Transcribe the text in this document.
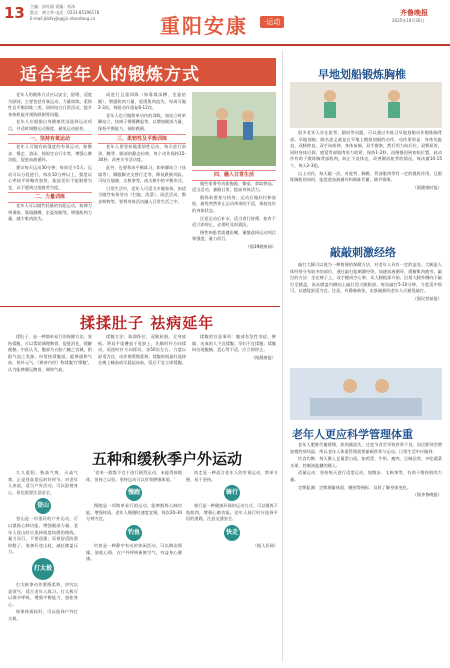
13 主编：孙红丽 责编：何冰
版式：黄主华 电话：0531-85196178
E-mail:jkbfxyjk@jjn.shandong.cn	重阳安康	·运动
齐鲁晚报
2025年10月30日
适合老年人的锻炼方式

老年人的锻炼方式应以安全、舒缓、适度为原则，主要包括有氧运动、力量训练、柔韧性及平衡训练三类。同时结合日常活动，提升身体机能并预防跌倒等问题。

老年人应根据自身健康状况选择运动项目，并适时调整运动强度，避免运动损伤。

一、坚持有氧运动

老年人可做有低强度的有氧运动，如散步、慢走、游泳、骑固定自行车等，增强心肺功能，促进血液循环。

建议每天运动30分钟，每周至少5天；运动可以分段进行，每次10分钟以上，强度以心率较平时略有加快、能说话但不能唱歌为宜，以不感到过度疲劳为度。

二、力量训练

老年人可以做些轻量的抗阻运动，如弹力带训练、靠墙静蹲、坐姿抬腿等，增强肌肉力量，减少肌肉流失。

成进行且重训练（如靠墙深蹲、坐姿抬腿），增强肌肉力量，延缓肌肉流失。每周可做2-3次，每组动作重复8-12次。

老年人也可做简单动作的训练，如站立时单脚站立、扶椅子慢慢蹲起等，以增加腿部力量，保持平衡能力，预防跌倒。

三、柔韧性及平衡训练

老年人要坚持做柔韧性运动，每天进行肩颈、腰背、腿部的静态拉伸，每个动作保持15-30秒，改善关节活动度。

此外，也要养成平衡练习，如单脚站立（扶墙等）、脚跟脚尖交替行走等，降低跌倒风险。可结合瑜伽、太极拳等，或太极中的平衡形式。

日常生活中，老年人可适当多做家务，如适当做些家务劳动（扫地、洗菜）、园艺活动、散步购物等，要将身体活动融入日常生活之中。

四、融入日常生活

做些家务劳动如拖地、擦桌、拿取物品；适当活动，兼顾日常，提高身体活力。

锻炼前要充分热身，运动后做好拉伸放松，避免突然停止运动带来的不适，保持良好的身体状态。

注意运动后补水，适当进行按摩，如有不适立即停止，必要时及时就医。

慢性病患者需遵医嘱，谨慎选择运动项目和强度，量力而行。

（据39健康网）
早地划船锻炼胸椎

很多老年人存在驼背、圆肩等问题，可以通过多练习早地划船动作锻炼胸背部。早地划船，顾名思义就是在平地上模拟划船的动作。动作要领是：身体先挺直，双腿伸直，双手向前伸，身体前倾，双手握拳，然后用力向后拉，双臂屈肘，同时身体后仰，感觉背部肌肉用力收紧。保持1-2秒，再慢慢回到初始位置。此动作有助于锻炼胸背部肌肉，纠正不良体态，改善圆肩驼背的情况。每次做10-15个，每天2-3组。

以上动作，每天做一次，对驼背、胸椎、背部肌肉等有一定的锻炼作用，且锻炼胸肌的同时，能促进血液循环和新陈代谢，调节情绪。

（据健康时报）
敲敲刺激经络

敲打大腿可以视为一种简便的保健方法，对老年人具有一定的益处。大腿是人体经络分布较多的部位，通过敲打能刺激经络，加速血液循环，缓解肌肉疲劳。敲打的方法：坐在椅子上，双手握成空心拳，从大腿根部开始，沿着大腿外侧向下敲打至膝盖，再从膝盖内侧向上敲打回大腿根部。每次敲打5-10分钟，力度适中即可，以感觉舒适为宜。注意，有静脉曲张、皮肤破损的老年人应避免敲打。

（据民营前报）
老年人更应科学管理体重

老年人肥胖代谢缓慢，肌肉量流失，过度节食会导致营养不良，而过胖则会增加慢性病风险，所以老年人体重管理需要兼顾营养与运动。日常生活中应做到：

饮食均衡：每天摄入足量蛋白质，如鸡蛋、牛奶、瘦肉、豆制品等，多吃蔬菜水果，控制油盐糖的摄入。

适量运动：坚持每天进行适度运动，如散步、太极拳等，有助于维持肌肉力量。

定期监测：定期测量体重、腰围等指标，及时了解身体变化。

（据齐鲁晚报）
揉揉肚子 祛病延年

揉肚子，是一种简单易行的保健方法。坚持揉腹，可以帮助调理脾胃、促进消化、缓解便秘。中医认为，腹部为五脏六腑之宫城，阴阳气血之发源。经常按揉腹部，能够通和气血，培补元气。《黄帝内经》称揉腹为'摩腹'，认为能够健运脾胃、调和气血。

揉腹方法：取仰卧位，双腿屈曲，全身放松。将双手重叠放于肚脐上，先顺时针方向揉动，再逆时针方向揉动，各50次左右。力度以舒适为宜，动作要缓慢柔和。揉腹时间最好选择在晚上睡前或早晨起床前，饭后不宜立即揉腹。

揉腹的注意事项：腹部有急性炎症、肿瘤、出血的人不宜揉腹；孕妇不宜揉腹；揉腹时出现腹痛、恶心等不适，应立即停止。

（据健康报）

九九重阳，秋高气爽，天高气爽，正是登高望远的好时节。对老年人来说，适当户外活动，可以舒展身心，但也需要注意安全。

登山

登山是一项很好的户外运动，可以锻炼心肺功能、增强腿部力量。老年人登山时应选择坡度较缓的路线，量力而行，不要逞强；穿着舒适防滑的鞋子，准备好登山杖，减轻膝盖压力。

打太极

打太极拳动作缓慢柔和，讲究以意领气，适合老年人练习。打太极可以调节呼吸、增强平衡能力、放松身心。

如果体质较好，可以选择户外打太极。

五种和缓秋季户外运动

'老来一般都不宜于进行剧烈运动，未能得体锻炼，但持之以恒、坚持运动可以有效增强体质。'

慢跑

慢跑是一项简单易行的运动，能够锻炼心肺功能，增强体质。老年人慢跑时速度宜慢，每次20-30分钟为宜。

钓鱼

钓鱼是一种静中有动的休闲活动，可以陶冶情操，放松心情。在户外呼吸新鲜空气，有益身心健康。

快走是一种适合老年人的有氧运动，简单方便，易于坚持。

骑行

骑行是一种健康环保的运动方式，可以锻炼下肢肌肉，增强心肺功能。老年人骑行时应选择平坦的道路，注意交通安全。

快走
（据人民网）
